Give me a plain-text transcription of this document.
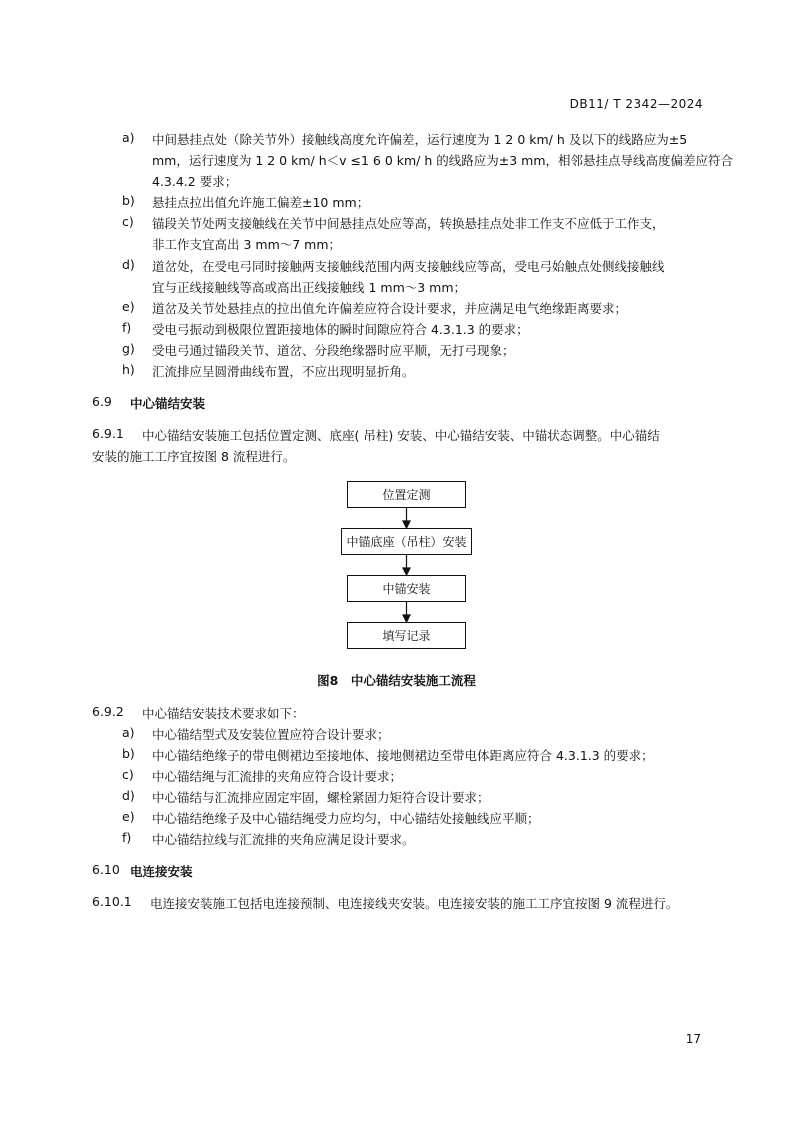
DB11/ T 2342—2024
a) 中间悬挂点处（除关节外）接触线高度允许偏差，运行速度为 1 2 0 km/ h 及以下的线路应为±5
mm，运行速度为 1 2 0 km/ h＜v ≤1 6 0 km/ h 的线路应为±3 mm，相邻悬挂点导线高度偏差应符合
4.3.4.2 要求；
b) 悬挂点拉出值允许施工偏差±10 mm；
c) 锚段关节处两支接触线在关节中间悬挂点处应等高，转换悬挂点处非工作支不应低于工作支，
非工作支宜高出 3 mm～7 mm；
d) 道岔处，在受电弓同时接触两支接触线范围内两支接触线应等高，受电弓始触点处侧线接触线
宜与正线接触线等高或高出正线接触线 1 mm～3 mm；
e) 道岔及关节处悬挂点的拉出值允许偏差应符合设计要求，并应满足电气绝缘距离要求；
f) 受电弓振动到极限位置距接地体的瞬时间隙应符合 4.3.1.3 的要求；
g) 受电弓通过锚段关节、道岔、分段绝缘器时应平顺，无打弓现象；
h) 汇流排应呈圆滑曲线布置，不应出现明显折角。
6.9 中心锚结安装
6.9.1 中心锚结安装施工包括位置定测、底座( 吊柱) 安装、中心锚结安装、中锚状态调整。中心锚结
安装的施工工序宜按图 8 流程进行。
位置定测
中锚底座（吊柱）安装
中锚安装
填写记录
图8　中心锚结安装施工流程
6.9.2 中心锚结安装技术要求如下：
a) 中心锚结型式及安装位置应符合设计要求；
b) 中心锚结绝缘子的带电侧裙边至接地体、接地侧裙边至带电体距离应符合 4.3.1.3 的要求；
c) 中心锚结绳与汇流排的夹角应符合设计要求；
d) 中心锚结与汇流排应固定牢固，螺栓紧固力矩符合设计要求；
e) 中心锚结绝缘子及中心锚结绳受力应均匀，中心锚结处接触线应平顺；
f) 中心锚结拉线与汇流排的夹角应满足设计要求。
6.10 电连接安装
6.10.1 电连接安装施工包括电连接预制、电连接线夹安装。电连接安装的施工工序宜按图 9 流程进行。
17
